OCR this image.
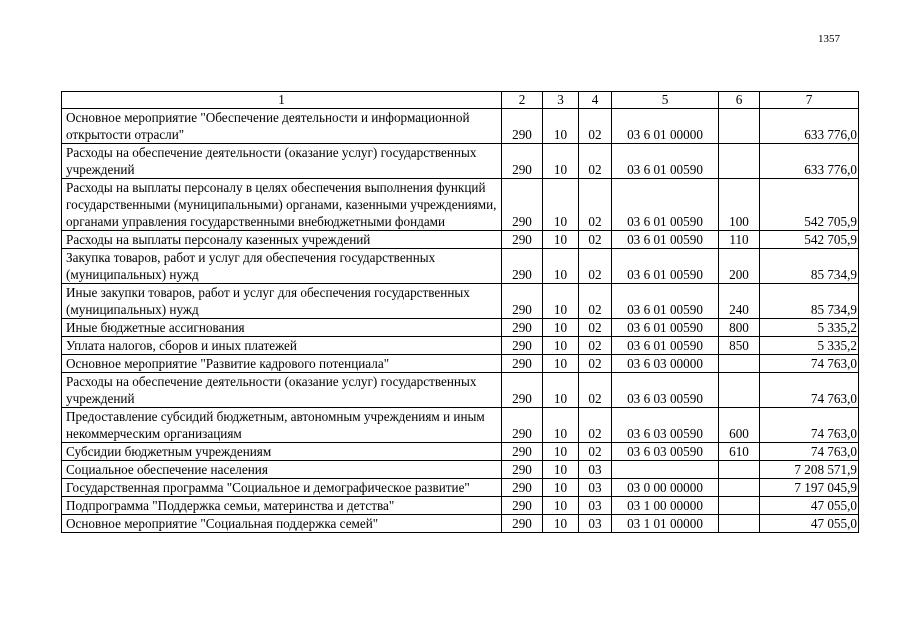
1357
1	2	3	4	5	6	7
Основное мероприятие "Обеспечение деятельности и информационной открытости отрасли"	290	10	02	03 6 01 00000		633 776,0
Расходы на обеспечение деятельности (оказание услуг) государственных учреждений	290	10	02	03 6 01 00590		633 776,0
Расходы на выплаты персоналу в целях обеспечения выполнения функций государственными (муниципальными) органами, казенными учреждениями, органами управления государственными внебюджетными фондами	290	10	02	03 6 01 00590	100	542 705,9
Расходы на выплаты персоналу казенных учреждений	290	10	02	03 6 01 00590	110	542 705,9
Закупка товаров, работ и услуг для обеспечения государственных (муниципальных) нужд	290	10	02	03 6 01 00590	200	85 734,9
Иные закупки товаров, работ и услуг для обеспечения государственных (муниципальных) нужд	290	10	02	03 6 01 00590	240	85 734,9
Иные бюджетные ассигнования	290	10	02	03 6 01 00590	800	5 335,2
Уплата налогов, сборов и иных платежей	290	10	02	03 6 01 00590	850	5 335,2
Основное мероприятие "Развитие кадрового потенциала"	290	10	02	03 6 03 00000		74 763,0
Расходы на обеспечение деятельности (оказание услуг) государственных учреждений	290	10	02	03 6 03 00590		74 763,0
Предоставление субсидий бюджетным, автономным учреждениям и иным некоммерческим организациям	290	10	02	03 6 03 00590	600	74 763,0
Субсидии бюджетным учреждениям	290	10	02	03 6 03 00590	610	74 763,0
Социальное обеспечение населения	290	10	03			7 208 571,9
Государственная программа "Социальное и демографическое развитие"	290	10	03	03 0 00 00000		7 197 045,9
Подпрограмма "Поддержка семьи, материнства и детства"	290	10	03	03 1 00 00000		47 055,0
Основное мероприятие "Социальная поддержка семей"	290	10	03	03 1 01 00000		47 055,0
